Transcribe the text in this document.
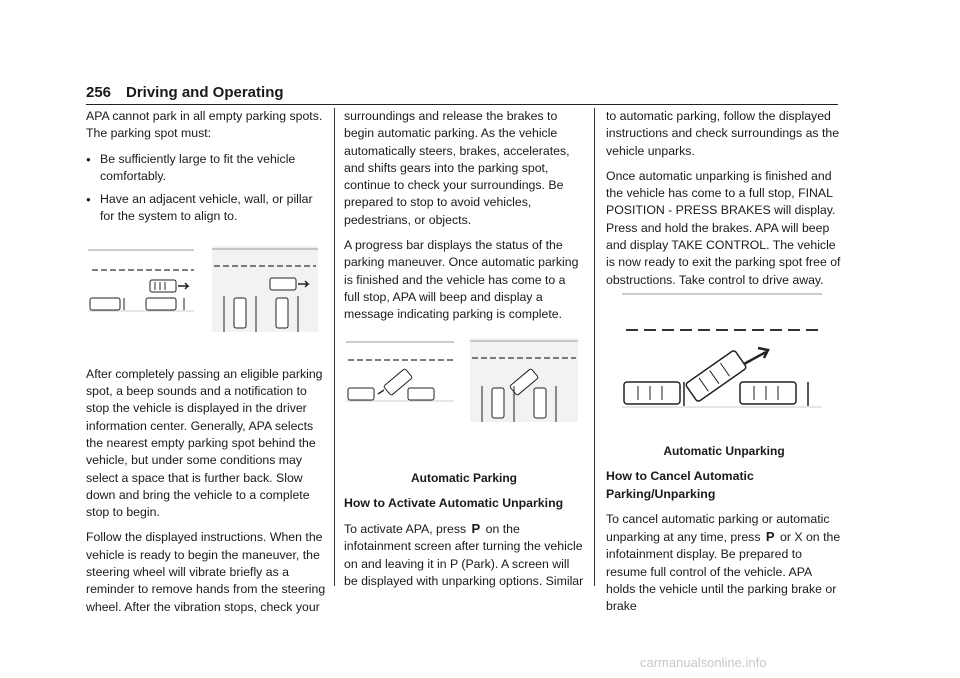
256 Driving and Operating

APA cannot park in all empty parking spots. The parking spot must:

● Be sufficiently large to fit the vehicle comfortably.
● Have an adjacent vehicle, wall, or pillar for the system to align to.

After completely passing an eligible parking spot, a beep sounds and a notification to stop the vehicle is displayed in the driver information center. Generally, APA selects the nearest empty parking spot behind the vehicle, but under some conditions may select a space that is further back. Slow down and bring the vehicle to a complete stop to begin.

Follow the displayed instructions. When the vehicle is ready to begin the maneuver, the steering wheel will vibrate briefly as a reminder to remove hands from the steering wheel. After the vibration stops, check your

surroundings and release the brakes to begin automatic parking. As the vehicle automatically steers, brakes, accelerates, and shifts gears into the parking spot, continue to check your surroundings. Be prepared to stop to avoid vehicles, pedestrians, or objects.

A progress bar displays the status of the parking maneuver. Once automatic parking is finished and the vehicle has come to a full stop, APA will beep and display a message indicating parking is complete.

Automatic Parking

How to Activate Automatic Unparking

To activate APA, press P on the infotainment screen after turning the vehicle on and leaving it in P (Park). A screen will be displayed with unparking options. Similar

to automatic parking, follow the displayed instructions and check surroundings as the vehicle unparks.

Once automatic unparking is finished and the vehicle has come to a full stop, FINAL POSITION - PRESS BRAKES will display. Press and hold the brakes. APA will beep and display TAKE CONTROL. The vehicle is now ready to exit the parking spot free of obstructions. Take control to drive away.

Automatic Unparking

How to Cancel Automatic Parking/Unparking

To cancel automatic parking or automatic unparking at any time, press P or X on the infotainment display. Be prepared to resume full control of the vehicle. APA holds the vehicle until the parking brake or brake

carmanualsonline.info
